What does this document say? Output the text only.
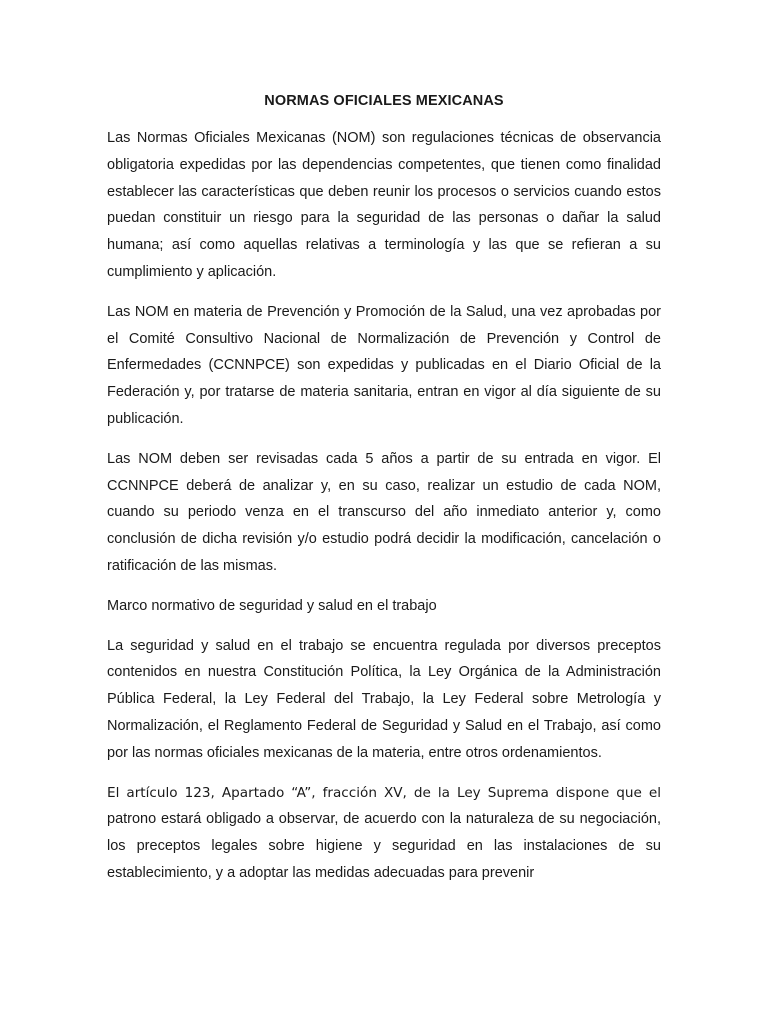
NORMAS OFICIALES MEXICANAS

Las Normas Oficiales Mexicanas (NOM) son regulaciones técnicas de observancia obligatoria expedidas por las dependencias competentes, que tienen como finalidad establecer las características que deben reunir los procesos o servicios cuando estos puedan constituir un riesgo para la seguridad de las personas o dañar la salud humana; así como aquellas relativas a terminología y las que se refieran a su cumplimiento y aplicación.

Las NOM en materia de Prevención y Promoción de la Salud, una vez aprobadas por el Comité Consultivo Nacional de Normalización de Prevención y Control de Enfermedades (CCNNPCE) son expedidas y publicadas en el Diario Oficial de la Federación y, por tratarse de materia sanitaria, entran en vigor al día siguiente de su publicación.

Las NOM deben ser revisadas cada 5 años a partir de su entrada en vigor. El CCNNPCE deberá de analizar y, en su caso, realizar un estudio de cada NOM, cuando su periodo venza en el transcurso del año inmediato anterior y, como conclusión de dicha revisión y/o estudio podrá decidir la modificación, cancelación o ratificación de las mismas.

Marco normativo de seguridad y salud en el trabajo

La seguridad y salud en el trabajo se encuentra regulada por diversos preceptos contenidos en nuestra Constitución Política, la Ley Orgánica de la Administración Pública Federal, la Ley Federal del Trabajo, la Ley Federal sobre Metrología y Normalización, el Reglamento Federal de Seguridad y Salud en el Trabajo, así como por las normas oficiales mexicanas de la materia, entre otros ordenamientos.

El artículo 123, Apartado “A”, fracción XV, de la Ley Suprema dispone que el patrono estará obligado a observar, de acuerdo con la naturaleza de su negociación, los preceptos legales sobre higiene y seguridad en las instalaciones de su establecimiento, y a adoptar las medidas adecuadas para prevenir
